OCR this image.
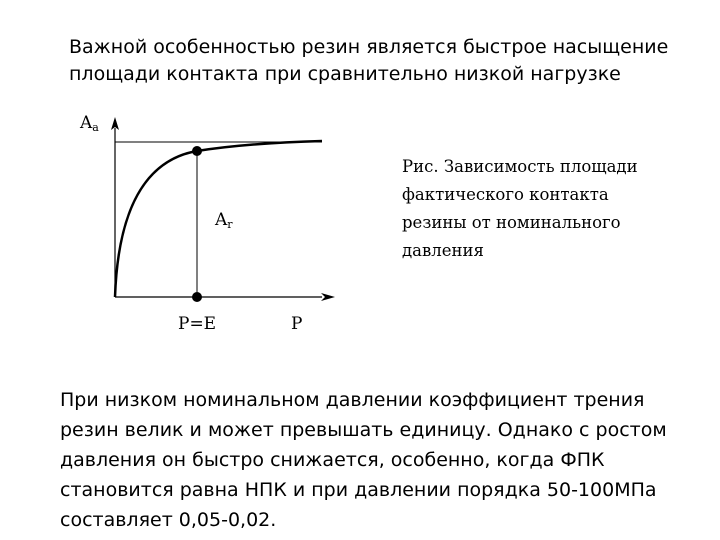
Важной особенностью резин является быстрое насыщение
площади контакта при сравнительно низкой нагрузке
Aa
Ar
P=E	P
Рис. Зависимость площади
фактического контакта
резины от номинального
давления
При низком номинальном давлении коэффициент трения
резин велик и может превышать единицу. Однако с ростом
давления он быстро снижается, особенно, когда ФПК
становится равна НПК и при давлении порядка 50-100МПа
составляет 0,05-0,02.
